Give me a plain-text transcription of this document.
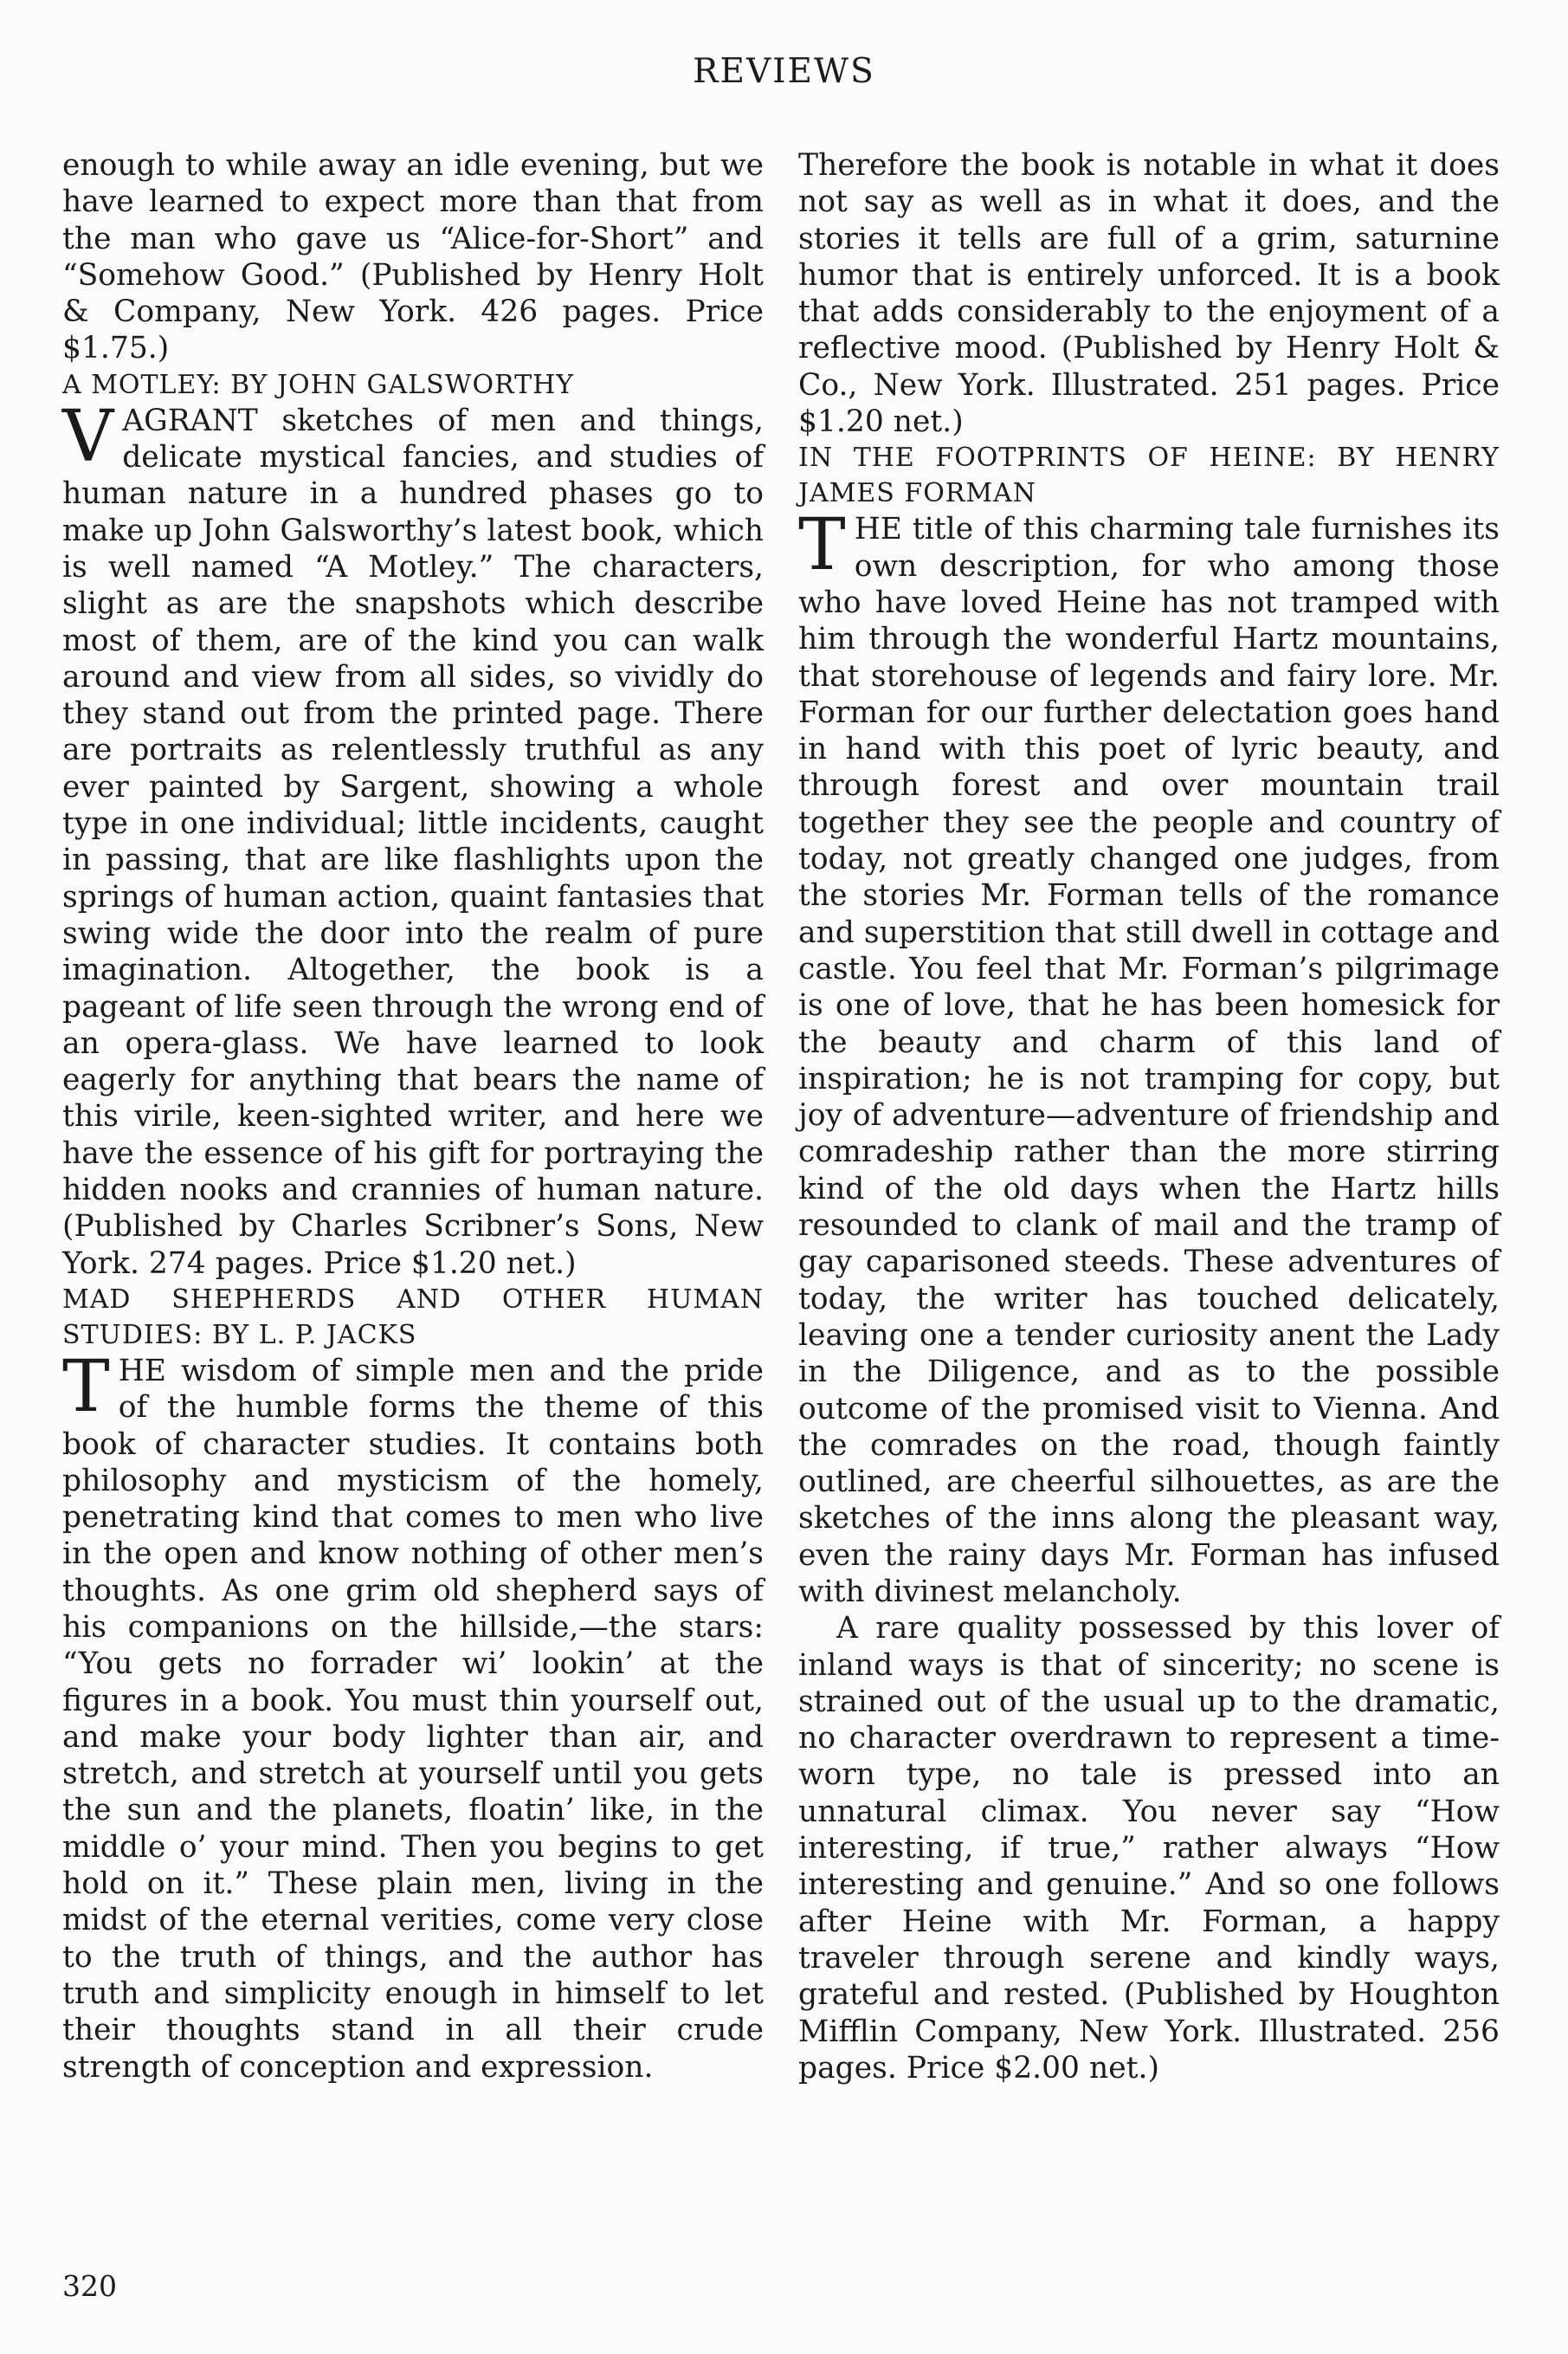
REVIEWS

enough to while away an idle evening, but we have learned to expect more than that from the man who gave us “Alice-for-Short” and “Somehow Good.” (Published by Henry Holt & Company, New York. 426 pages. Price $1.75.)

A MOTLEY: BY JOHN GALSWORTHY

VAGRANT sketches of men and things, delicate mystical fancies, and studies of human nature in a hundred phases go to make up John Galsworthy’s latest book, which is well named “A Motley.” The characters, slight as are the snapshots which describe most of them, are of the kind you can walk around and view from all sides, so vividly do they stand out from the printed page. There are portraits as relentlessly truthful as any ever painted by Sargent, showing a whole type in one individual; little incidents, caught in passing, that are like flashlights upon the springs of human action, quaint fantasies that swing wide the door into the realm of pure imagination. Altogether, the book is a pageant of life seen through the wrong end of an opera-glass. We have learned to look eagerly for anything that bears the name of this virile, keen-sighted writer, and here we have the essence of his gift for portraying the hidden nooks and crannies of human nature. (Published by Charles Scribner’s Sons, New York. 274 pages. Price $1.20 net.)

MAD SHEPHERDS AND OTHER HUMAN STUDIES: BY L. P. JACKS

THE wisdom of simple men and the pride of the humble forms the theme of this book of character studies. It contains both philosophy and mysticism of the homely, penetrating kind that comes to men who live in the open and know nothing of other men’s thoughts. As one grim old shepherd says of his companions on the hillside,—the stars: “You gets no forrader wi’ lookin’ at the figures in a book. You must thin yourself out, and make your body lighter than air, and stretch, and stretch at yourself until you gets the sun and the planets, floatin’ like, in the middle o’ your mind. Then you begins to get hold on it.” These plain men, living in the midst of the eternal verities, come very close to the truth of things, and the author has truth and simplicity enough in himself to let their thoughts stand in all their crude strength of conception and expression.

Therefore the book is notable in what it does not say as well as in what it does, and the stories it tells are full of a grim, saturnine humor that is entirely unforced. It is a book that adds considerably to the enjoyment of a reflective mood. (Published by Henry Holt & Co., New York. Illustrated. 251 pages. Price $1.20 net.)

IN THE FOOTPRINTS OF HEINE: BY HENRY JAMES FORMAN

THE title of this charming tale furnishes its own description, for who among those who have loved Heine has not tramped with him through the wonderful Hartz mountains, that storehouse of legends and fairy lore. Mr. Forman for our further delectation goes hand in hand with this poet of lyric beauty, and through forest and over mountain trail together they see the people and country of today, not greatly changed one judges, from the stories Mr. Forman tells of the romance and superstition that still dwell in cottage and castle. You feel that Mr. Forman’s pilgrimage is one of love, that he has been homesick for the beauty and charm of this land of inspiration; he is not tramping for copy, but joy of adventure—adventure of friendship and comradeship rather than the more stirring kind of the old days when the Hartz hills resounded to clank of mail and the tramp of gay caparisoned steeds. These adventures of today, the writer has touched delicately, leaving one a tender curiosity anent the Lady in the Diligence, and as to the possible outcome of the promised visit to Vienna. And the comrades on the road, though faintly outlined, are cheerful silhouettes, as are the sketches of the inns along the pleasant way, even the rainy days Mr. Forman has infused with divinest melancholy.

A rare quality possessed by this lover of inland ways is that of sincerity; no scene is strained out of the usual up to the dramatic, no character overdrawn to represent a time-worn type, no tale is pressed into an unnatural climax. You never say “How interesting, if true,” rather always “How interesting and genuine.” And so one follows after Heine with Mr. Forman, a happy traveler through serene and kindly ways, grateful and rested. (Published by Houghton Mifflin Company, New York. Illustrated. 256 pages. Price $2.00 net.)

320
